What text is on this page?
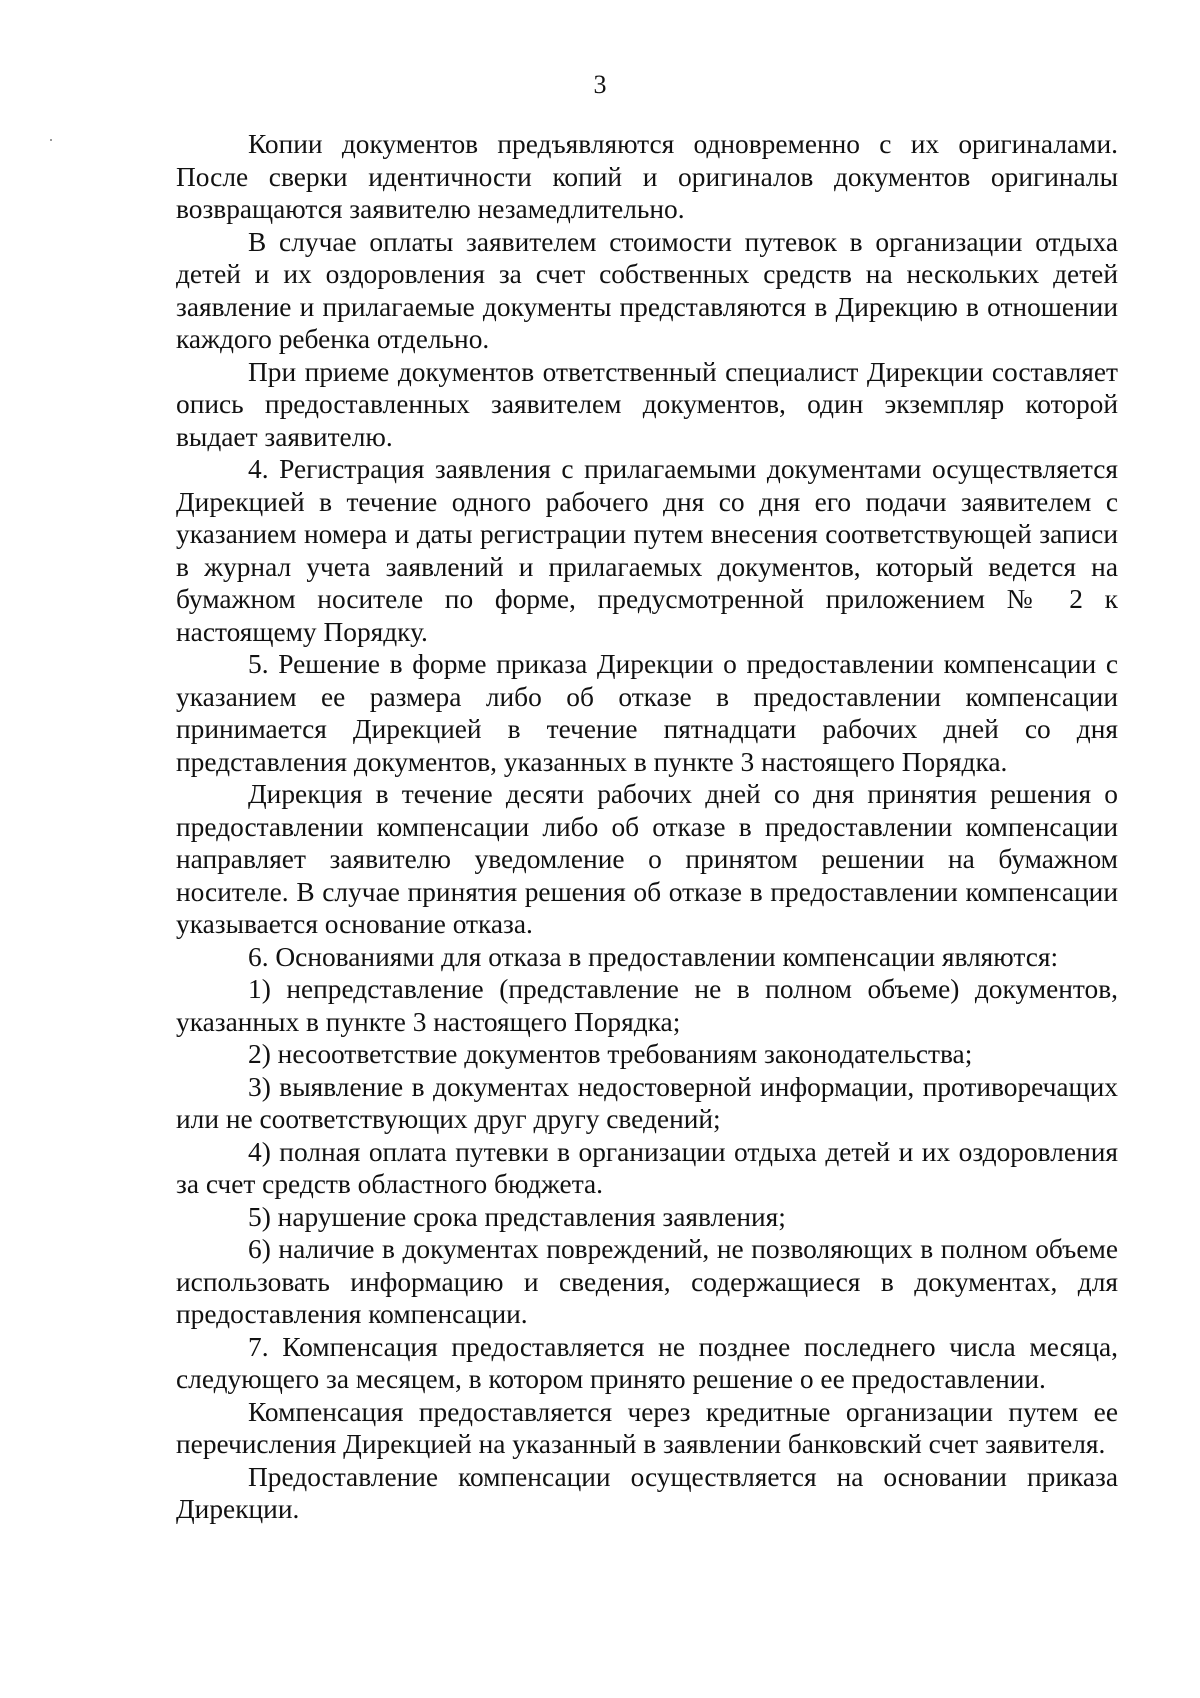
3

Копии документов предъявляются одновременно с их оригиналами. После сверки идентичности копий и оригиналов документов оригиналы возвращаются заявителю незамедлительно.

В случае оплаты заявителем стоимости путевок в организации отдыха детей и их оздоровления за счет собственных средств на нескольких детей заявление и прилагаемые документы представляются в Дирекцию в отношении каждого ребенка отдельно.

При приеме документов ответственный специалист Дирекции составляет опись предоставленных заявителем документов, один экземпляр которой выдает заявителю.

4. Регистрация заявления с прилагаемыми документами осуществляется Дирекцией в течение одного рабочего дня со дня его подачи заявителем с указанием номера и даты регистрации путем внесения соответствующей записи в журнал учета заявлений и прилагаемых документов, который ведется на бумажном носителе по форме, предусмотренной приложением № 2 к настоящему Порядку.

5. Решение в форме приказа Дирекции о предоставлении компенсации с указанием ее размера либо об отказе в предоставлении компенсации принимается Дирекцией в течение пятнадцати рабочих дней со дня представления документов, указанных в пункте 3 настоящего Порядка.

Дирекция в течение десяти рабочих дней со дня принятия решения о предоставлении компенсации либо об отказе в предоставлении компенсации направляет заявителю уведомление о принятом решении на бумажном носителе. В случае принятия решения об отказе в предоставлении компенсации указывается основание отказа.

6. Основаниями для отказа в предоставлении компенсации являются:

1) непредставление (представление не в полном объеме) документов, указанных в пункте 3 настоящего Порядка;

2) несоответствие документов требованиям законодательства;

3) выявление в документах недостоверной информации, противоречащих или не соответствующих друг другу сведений;

4) полная оплата путевки в организации отдыха детей и их оздоровления за счет средств областного бюджета.

5) нарушение срока представления заявления;

6) наличие в документах повреждений, не позволяющих в полном объеме использовать информацию и сведения, содержащиеся в документах, для предоставления компенсации.

7. Компенсация предоставляется не позднее последнего числа месяца, следующего за месяцем, в котором принято решение о ее предоставлении.

Компенсация предоставляется через кредитные организации путем ее перечисления Дирекцией на указанный в заявлении банковский счет заявителя.

Предоставление компенсации осуществляется на основании приказа Дирекции.
